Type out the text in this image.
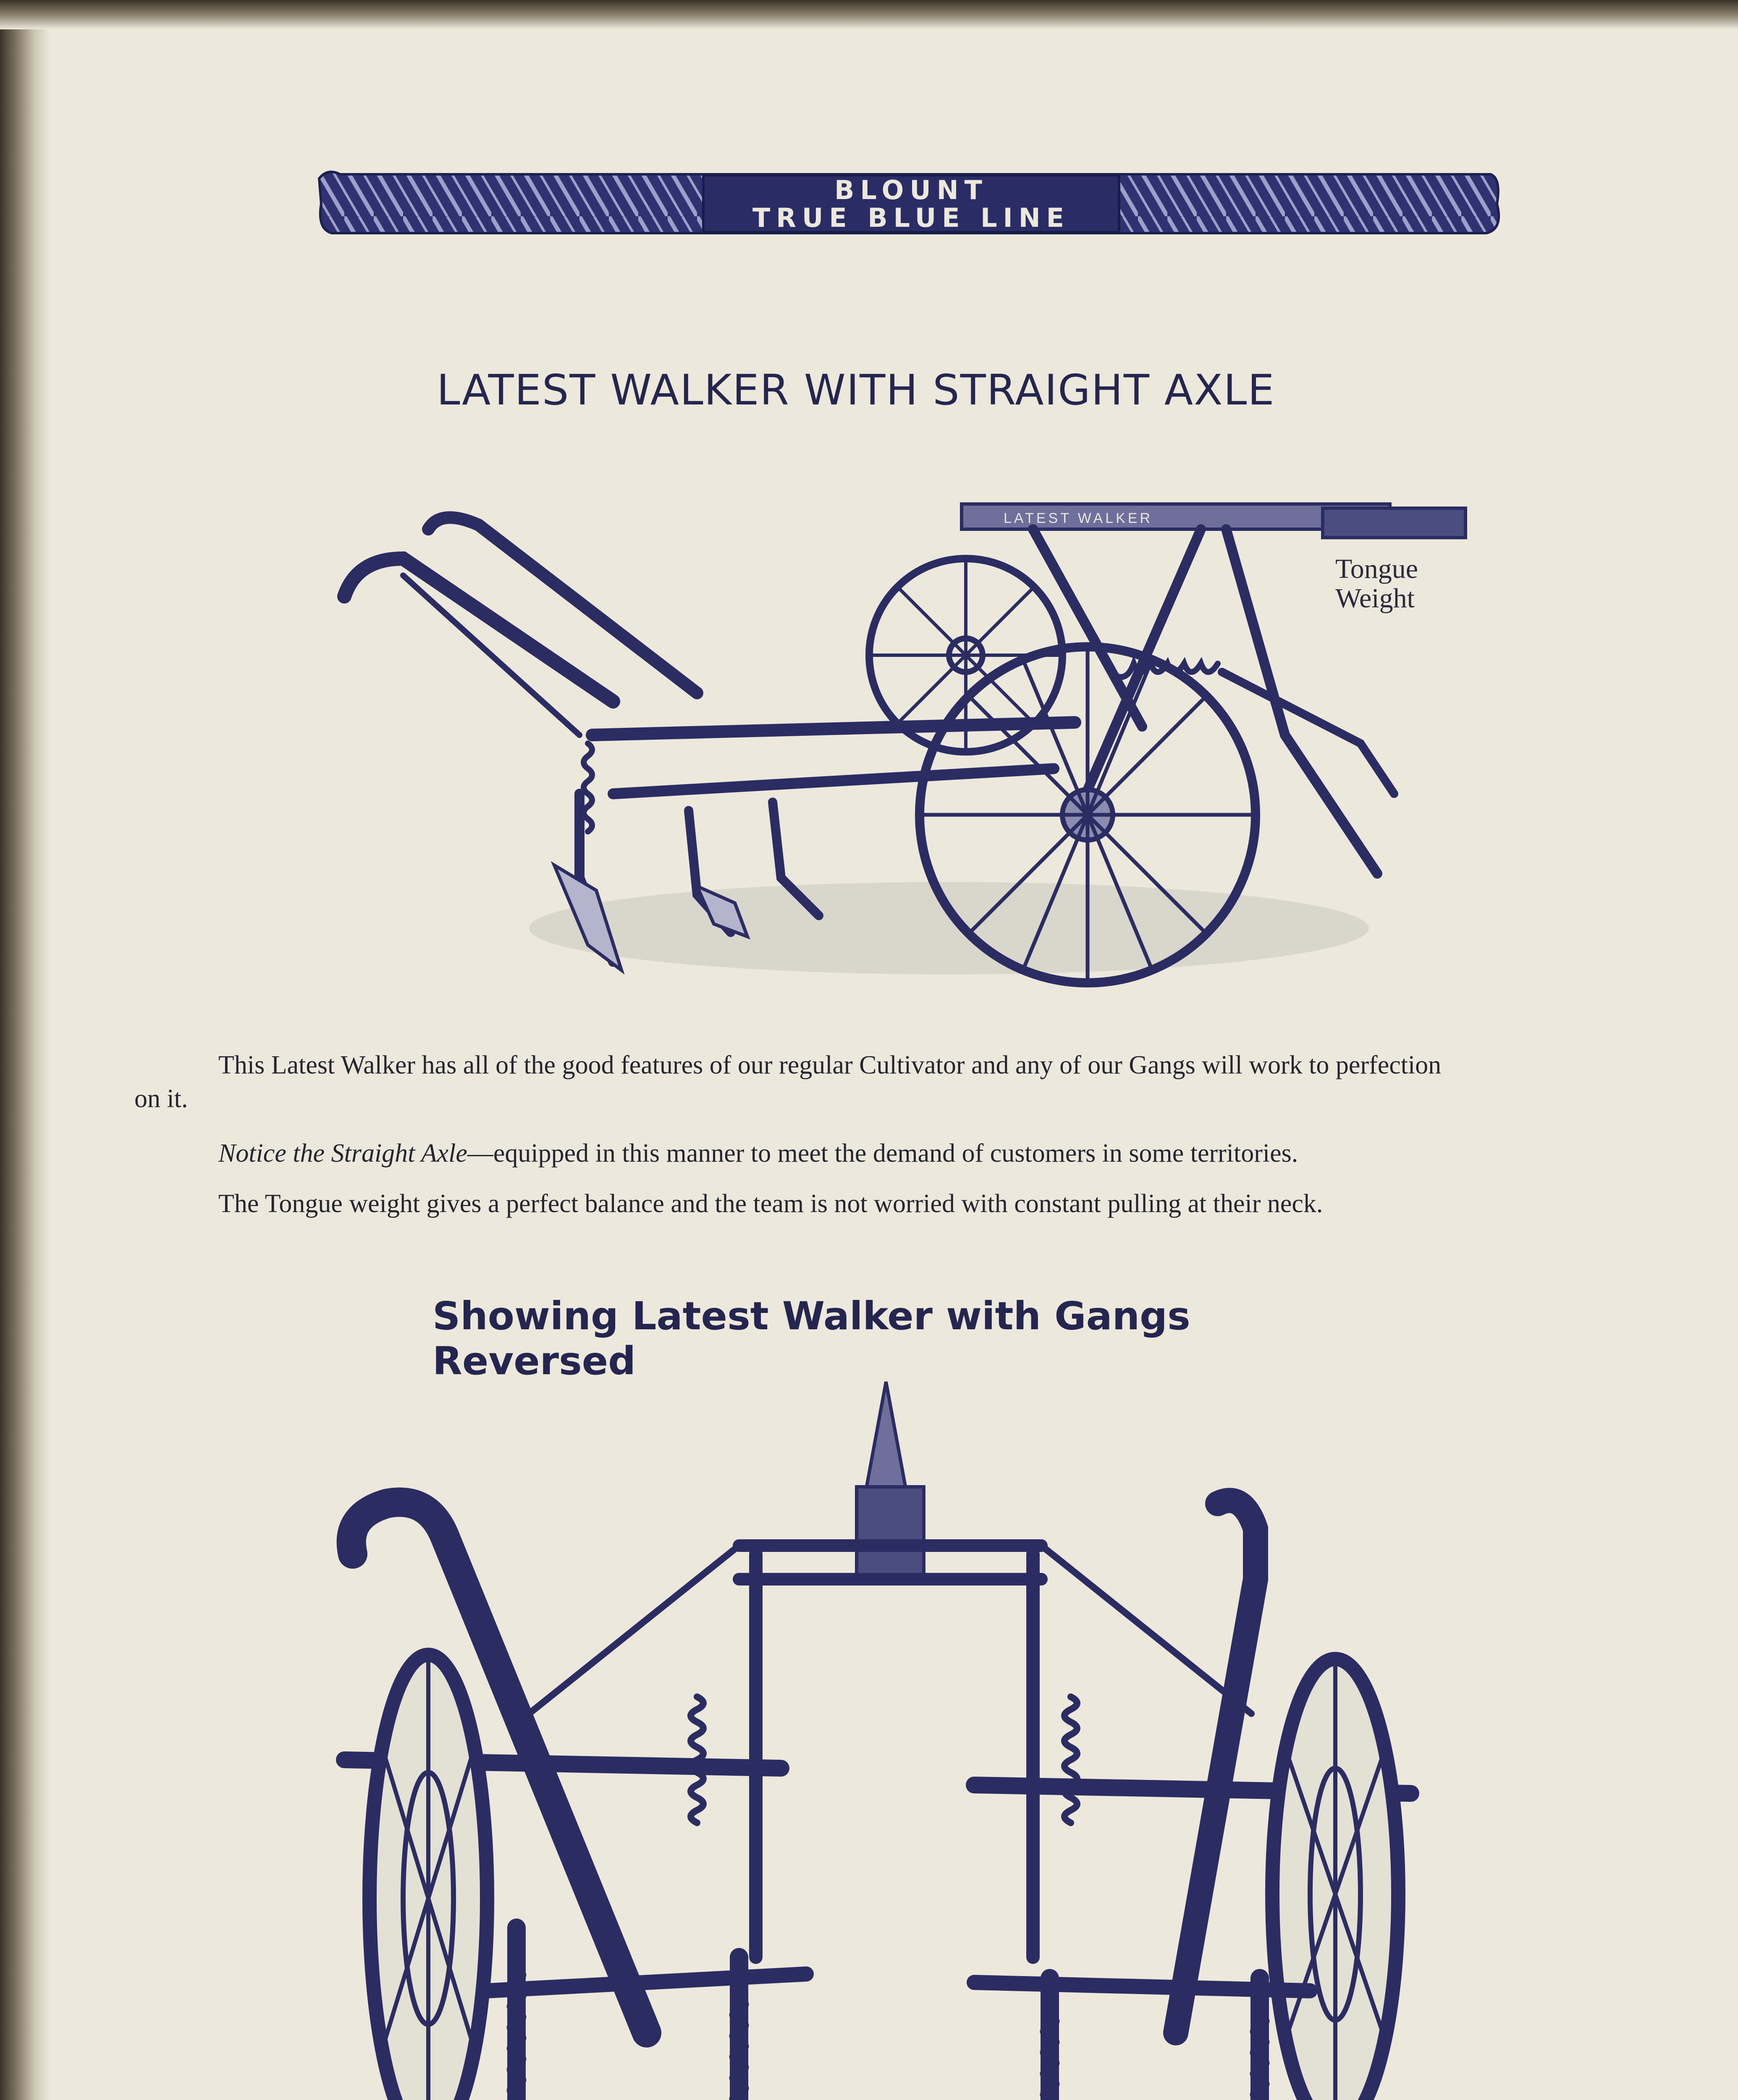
BLOUNT
TRUE BLUE LINE
LATEST WALKER WITH STRAIGHT AXLE
LATEST WALKER
Tongue
Weight
This Latest Walker has all of the good features of our regular Cultivator and any of our Gangs will work to perfection
on it.
Notice the Straight Axle—equipped in this manner to meet the demand of customers in some territories.
The Tongue weight gives a perfect balance and the team is not worried with constant pulling at their neck.
Showing Latest Walker with Gangs Reversed
